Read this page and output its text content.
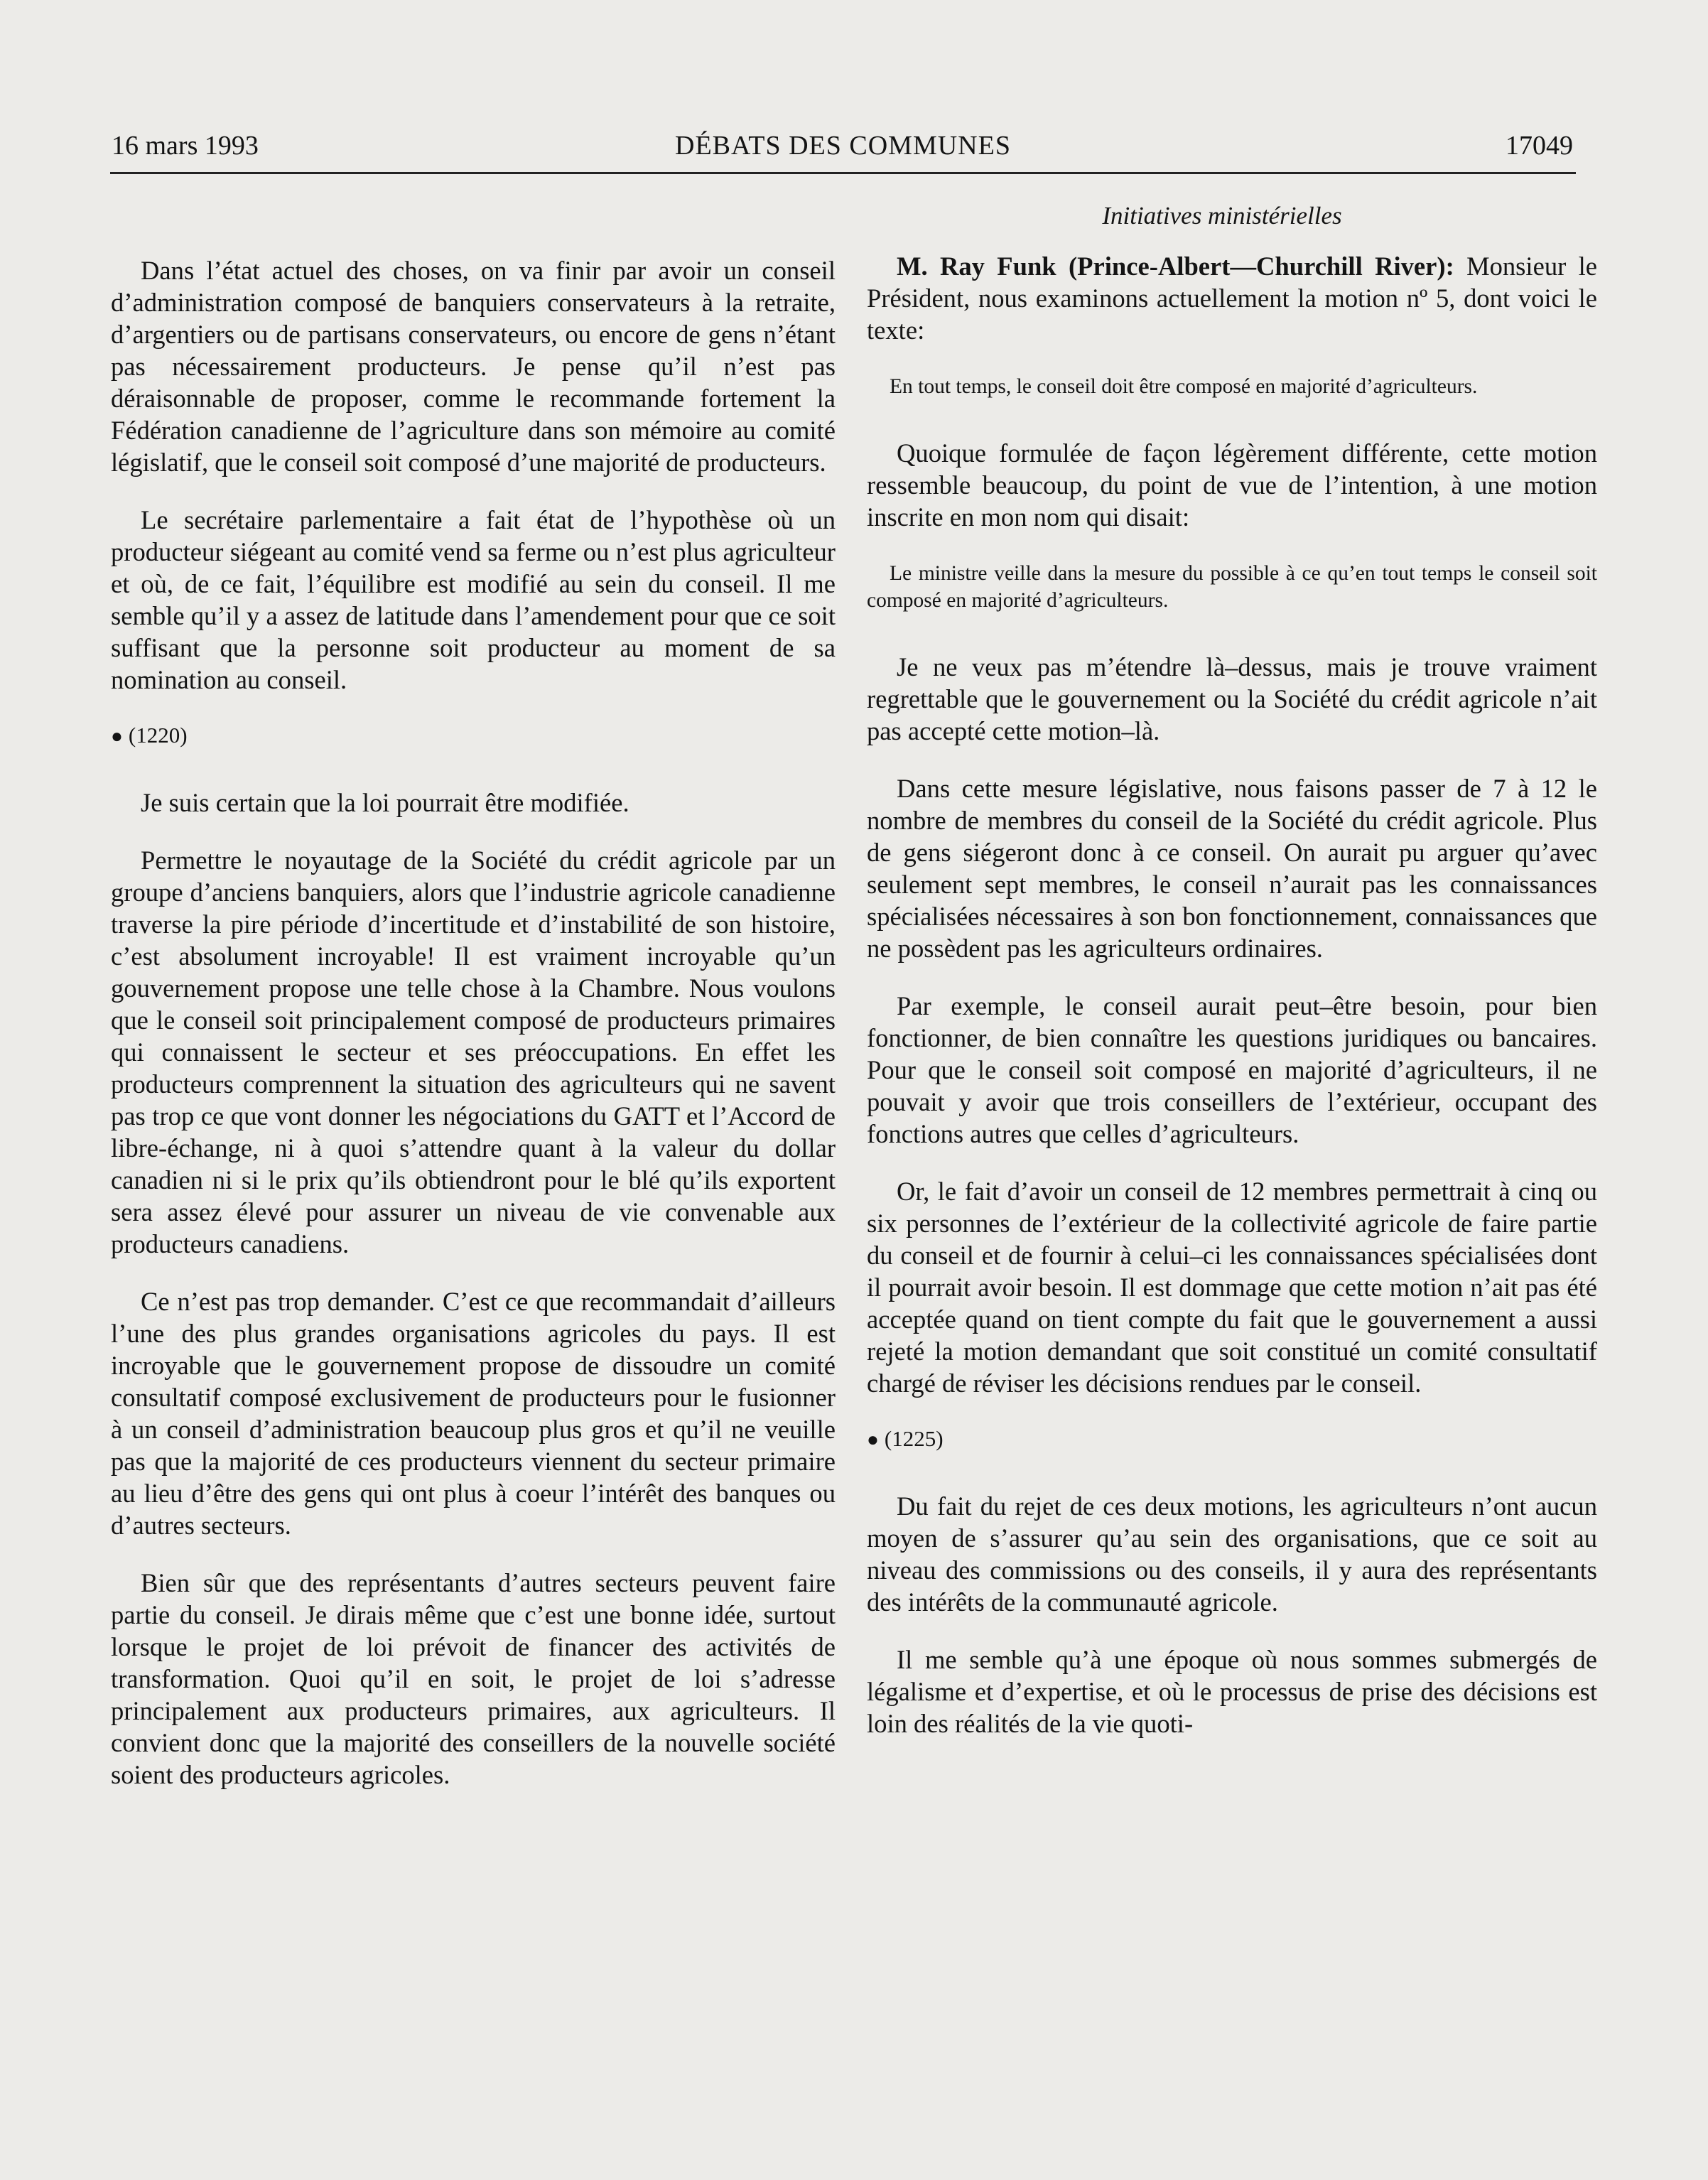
16 mars 1993	DÉBATS DES COMMUNES	17049
Initiatives ministérielles

Dans l’état actuel des choses, on va finir par avoir un conseil d’administration composé de banquiers conservateurs à la retraite, d’argentiers ou de partisans conservateurs, ou encore de gens n’étant pas nécessairement producteurs. Je pense qu’il n’est pas déraisonnable de proposer, comme le recommande fortement la Fédération canadienne de l’agriculture dans son mémoire au comité législatif, que le conseil soit composé d’une majorité de producteurs.

Le secrétaire parlementaire a fait état de l’hypothèse où un producteur siégeant au comité vend sa ferme ou n’est plus agriculteur et où, de ce fait, l’équilibre est modifié au sein du conseil. Il me semble qu’il y a assez de latitude dans l’amendement pour que ce soit suffisant que la personne soit producteur au moment de sa nomination au conseil.

● (1220)

Je suis certain que la loi pourrait être modifiée.

Permettre le noyautage de la Société du crédit agricole par un groupe d’anciens banquiers, alors que l’industrie agricole canadienne traverse la pire période d’incertitude et d’instabilité de son histoire, c’est absolument incroyable! Il est vraiment incroyable qu’un gouvernement propose une telle chose à la Chambre. Nous voulons que le conseil soit principalement composé de producteurs primaires qui connaissent le secteur et ses préoccupations. En effet les producteurs comprennent la situation des agriculteurs qui ne savent pas trop ce que vont donner les négociations du GATT et l’Accord de libre-échange, ni à quoi s’attendre quant à la valeur du dollar canadien ni si le prix qu’ils obtiendront pour le blé qu’ils exportent sera assez élevé pour assurer un niveau de vie convenable aux producteurs canadiens.

Ce n’est pas trop demander. C’est ce que recommandait d’ailleurs l’une des plus grandes organisations agricoles du pays. Il est incroyable que le gouvernement propose de dissoudre un comité consultatif composé exclusivement de producteurs pour le fusionner à un conseil d’administration beaucoup plus gros et qu’il ne veuille pas que la majorité de ces producteurs viennent du secteur primaire au lieu d’être des gens qui ont plus à coeur l’intérêt des banques ou d’autres secteurs.

Bien sûr que des représentants d’autres secteurs peuvent faire partie du conseil. Je dirais même que c’est une bonne idée, surtout lorsque le projet de loi prévoit de financer des activités de transformation. Quoi qu’il en soit, le projet de loi s’adresse principalement aux producteurs primaires, aux agriculteurs. Il convient donc que la majorité des conseillers de la nouvelle société soient des producteurs agricoles.

M. Ray Funk (Prince-Albert—Churchill River): Monsieur le Président, nous examinons actuellement la motion nº 5, dont voici le texte:

En tout temps, le conseil doit être composé en majorité d’agriculteurs.

Quoique formulée de façon légèrement différente, cette motion ressemble beaucoup, du point de vue de l’intention, à une motion inscrite en mon nom qui disait:

Le ministre veille dans la mesure du possible à ce qu’en tout temps le conseil soit composé en majorité d’agriculteurs.

Je ne veux pas m’étendre là–dessus, mais je trouve vraiment regrettable que le gouvernement ou la Société du crédit agricole n’ait pas accepté cette motion–là.

Dans cette mesure législative, nous faisons passer de 7 à 12 le nombre de membres du conseil de la Société du crédit agricole. Plus de gens siégeront donc à ce conseil. On aurait pu arguer qu’avec seulement sept membres, le conseil n’aurait pas les connaissances spécialisées nécessaires à son bon fonctionnement, connaissances que ne possèdent pas les agriculteurs ordinaires.

Par exemple, le conseil aurait peut–être besoin, pour bien fonctionner, de bien connaître les questions juridiques ou bancaires. Pour que le conseil soit composé en majorité d’agriculteurs, il ne pouvait y avoir que trois conseillers de l’extérieur, occupant des fonctions autres que celles d’agriculteurs.

Or, le fait d’avoir un conseil de 12 membres permettrait à cinq ou six personnes de l’extérieur de la collectivité agricole de faire partie du conseil et de fournir à celui–ci les connaissances spécialisées dont il pourrait avoir besoin. Il est dommage que cette motion n’ait pas été acceptée quand on tient compte du fait que le gouvernement a aussi rejeté la motion demandant que soit constitué un comité consultatif chargé de réviser les décisions rendues par le conseil.

● (1225)

Du fait du rejet de ces deux motions, les agriculteurs n’ont aucun moyen de s’assurer qu’au sein des organisations, que ce soit au niveau des commissions ou des conseils, il y aura des représentants des intérêts de la communauté agricole.

Il me semble qu’à une époque où nous sommes submergés de légalisme et d’expertise, et où le processus de prise des décisions est loin des réalités de la vie quoti-
